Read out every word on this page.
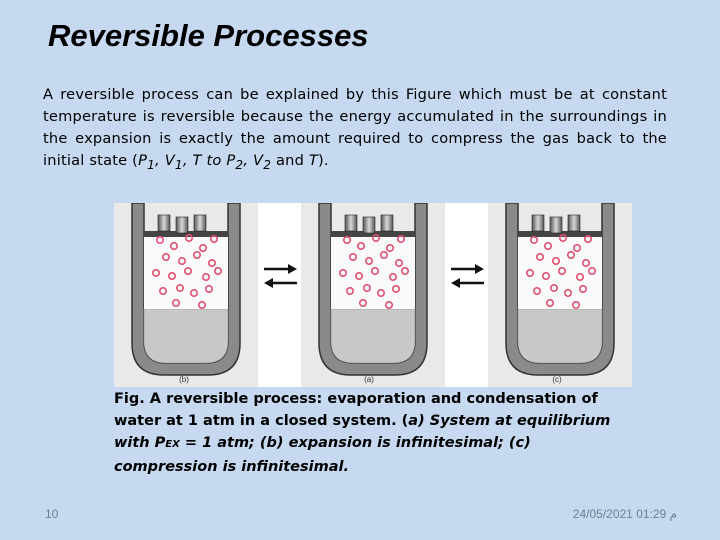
Reversible Processes
A reversible process can be explained by this Figure which must be at constant temperature is reversible because the energy accumulated in the surroundings in the expansion is exactly the amount required to compress the gas back to the initial state ($P_1$, $V_1$, T to $P_2$, $V_2$ and T).
(b)	(a)	(c)
Fig. A reversible process: evaporation and condensation of water at 1 atm in a closed system. (a) System at equilibrium with PEX = 1 atm; (b) expansion is infinitesimal; (c) compression is infinitesimal.
10	م 01:29 24/05/2021
